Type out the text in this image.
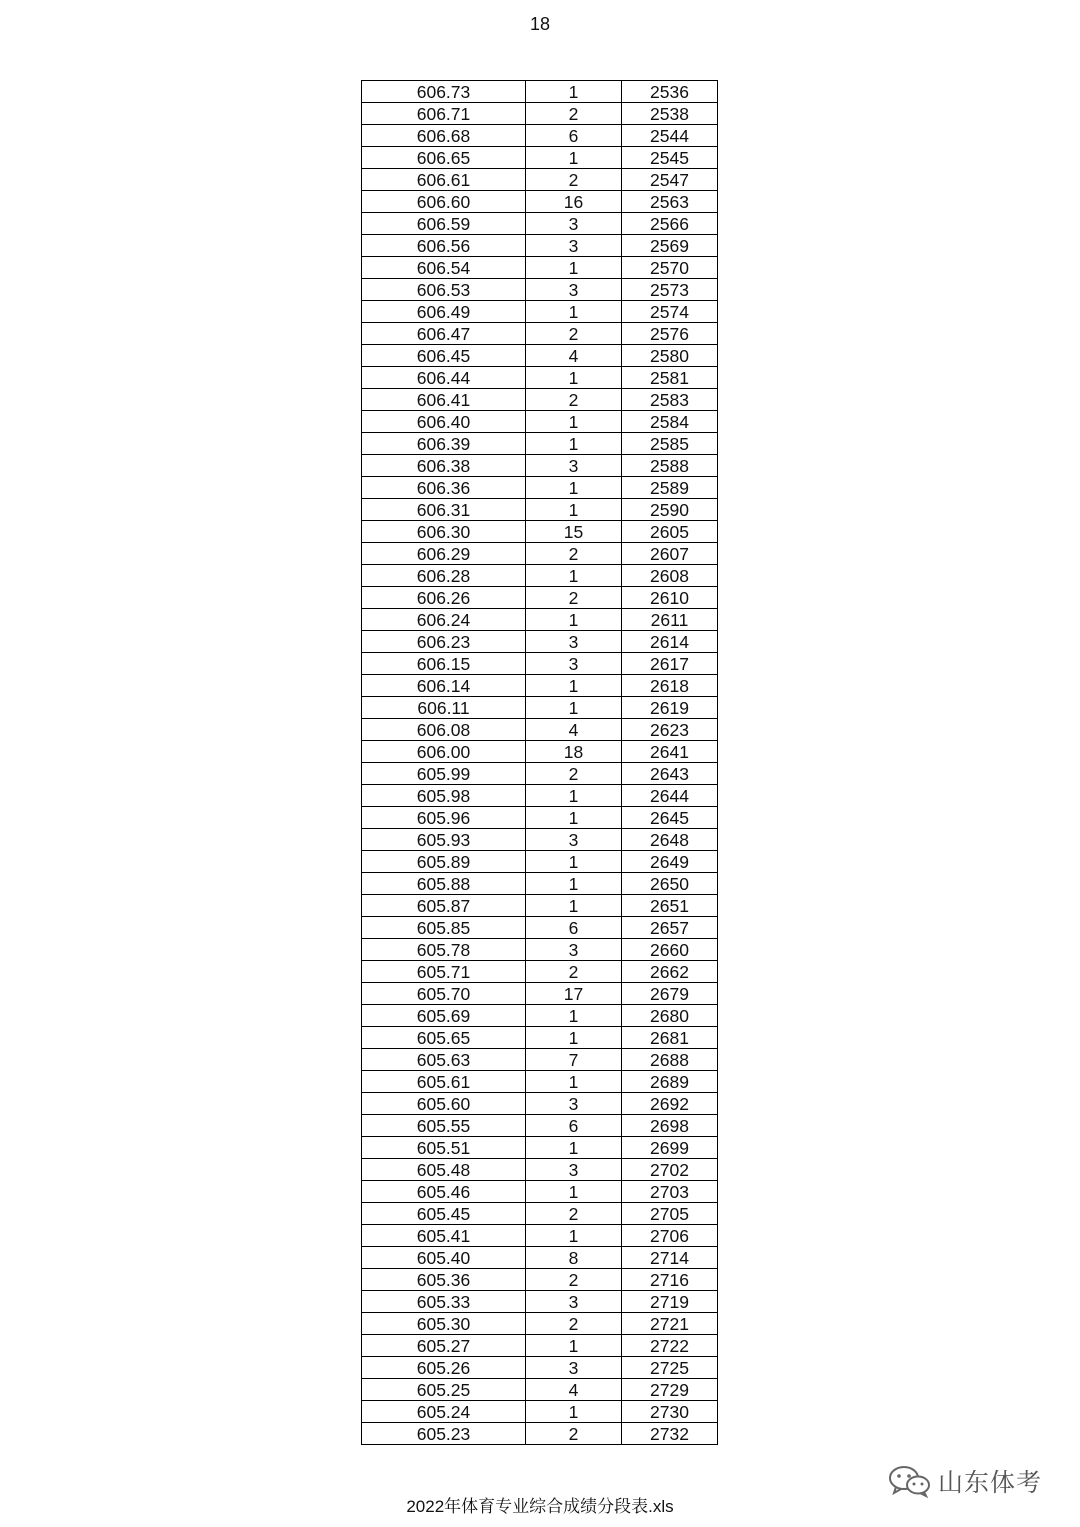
18
606.73	1	2536
606.71	2	2538
606.68	6	2544
606.65	1	2545
606.61	2	2547
606.60	16	2563
606.59	3	2566
606.56	3	2569
606.54	1	2570
606.53	3	2573
606.49	1	2574
606.47	2	2576
606.45	4	2580
606.44	1	2581
606.41	2	2583
606.40	1	2584
606.39	1	2585
606.38	3	2588
606.36	1	2589
606.31	1	2590
606.30	15	2605
606.29	2	2607
606.28	1	2608
606.26	2	2610
606.24	1	2611
606.23	3	2614
606.15	3	2617
606.14	1	2618
606.11	1	2619
606.08	4	2623
606.00	18	2641
605.99	2	2643
605.98	1	2644
605.96	1	2645
605.93	3	2648
605.89	1	2649
605.88	1	2650
605.87	1	2651
605.85	6	2657
605.78	3	2660
605.71	2	2662
605.70	17	2679
605.69	1	2680
605.65	1	2681
605.63	7	2688
605.61	1	2689
605.60	3	2692
605.55	6	2698
605.51	1	2699
605.48	3	2702
605.46	1	2703
605.45	2	2705
605.41	1	2706
605.40	8	2714
605.36	2	2716
605.33	3	2719
605.30	2	2721
605.27	1	2722
605.26	3	2725
605.25	4	2729
605.24	1	2730
605.23	2	2732
2022年体育专业综合成绩分段表.xls
山东体考
